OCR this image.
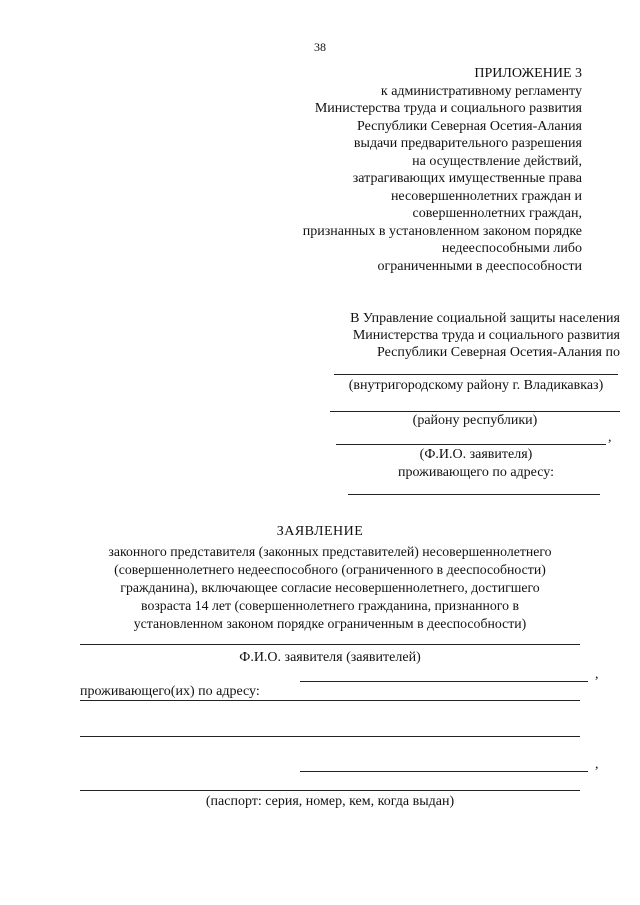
38
ПРИЛОЖЕНИЕ 3
к административному регламенту
Министерства труда и социального развития
Республики Северная Осетия-Алания
выдачи предварительного разрешения
на осуществление действий,
затрагивающих имущественные права
несовершеннолетних граждан и
совершеннолетних граждан,
признанных в установленном законом порядке
недееспособными либо
ограниченными в дееспособности
В Управление социальной защиты населения
Министерства труда и социального развития
Республики Северная Осетия-Алания по
(внутригородскому району г. Владикавказ)
(району республики)
,
(Ф.И.О. заявителя)
проживающего по адресу:
ЗАЯВЛЕНИЕ
законного представителя (законных представителей) несовершеннолетнего
(совершеннолетнего недееспособного (ограниченного в дееспособности)
гражданина), включающее согласие несовершеннолетнего, достигшего
возраста 14 лет (совершеннолетнего гражданина, признанного в
установленном законом порядке ограниченным в дееспособности)
Ф.И.О. заявителя (заявителей)
,
проживающего(их) по адресу:
,
(паспорт: серия, номер, кем, когда выдан)
